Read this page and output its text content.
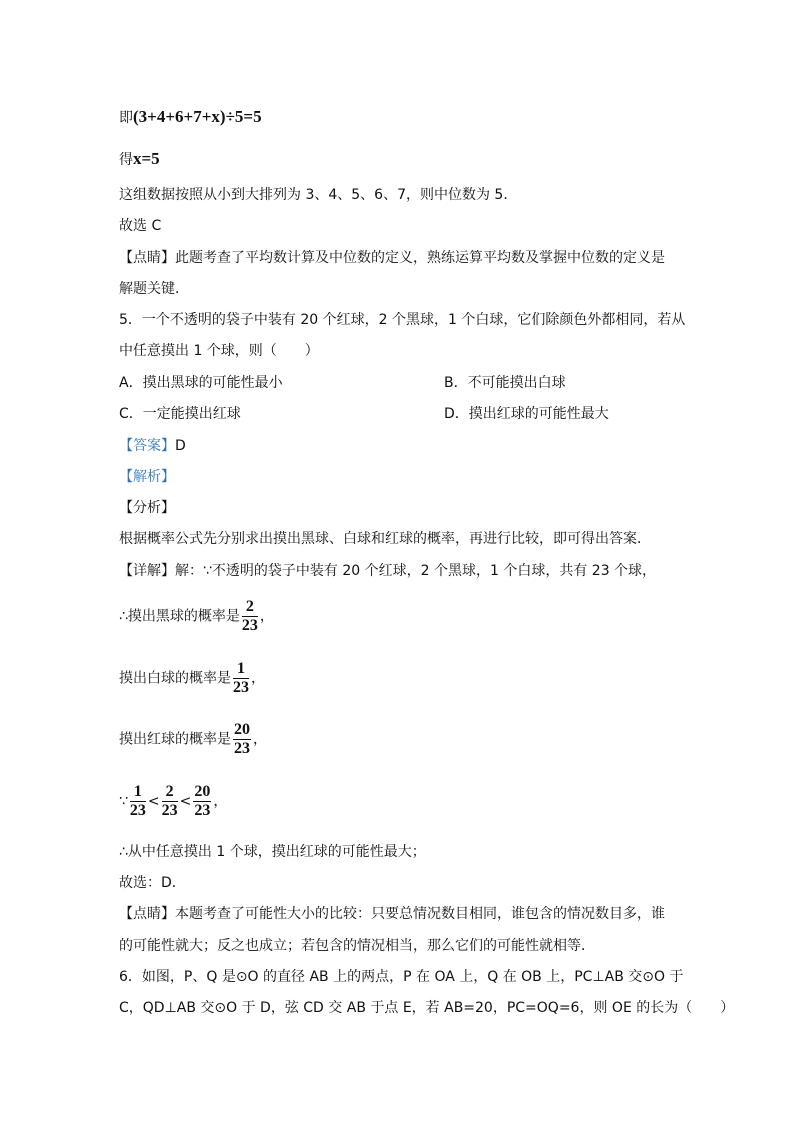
即(3+4+6+7+x)÷5=5
得x=5
这组数据按照从小到大排列为 3、4、5、6、7，则中位数为 5．
故选 C
【点睛】此题考查了平均数计算及中位数的定义，熟练运算平均数及掌握中位数的定义是
解题关键．
5．一个不透明的袋子中装有 20 个红球，2 个黑球，1 个白球，它们除颜色外都相同，若从
中任意摸出 1 个球，则（　　）
A．摸出黑球的可能性最小	B．不可能摸出白球
C．一定能摸出红球	D．摸出红球的可能性最大
【答案】D
【解析】
【分析】
根据概率公式先分别求出摸出黑球、白球和红球的概率，再进行比较，即可得出答案．
【详解】解：∵不透明的袋子中装有 20 个红球，2 个黑球，1 个白球，共有 23 个球，
∴摸出黑球的概率是 $\frac{2}{23}$ ，
摸出白球的概率是 $\frac{1}{23}$ ，
摸出红球的概率是 $\frac{20}{23}$ ，
∵ $\frac{1}{23} < \frac{2}{23} < \frac{20}{23}$ ，
∴从中任意摸出 1 个球，摸出红球的可能性最大；
故选：D．
【点睛】本题考查了可能性大小的比较：只要总情况数目相同，谁包含的情况数目多，谁
的可能性就大；反之也成立；若包含的情况相当，那么它们的可能性就相等．
6．如图，P、Q 是⊙O 的直径 AB 上的两点，P 在 OA 上，Q 在 OB 上，PC⊥AB 交⊙O 于
C，QD⊥AB 交⊙O 于 D，弦 CD 交 AB 于点 E，若 AB=20，PC=OQ=6，则 OE 的长为（　　）
